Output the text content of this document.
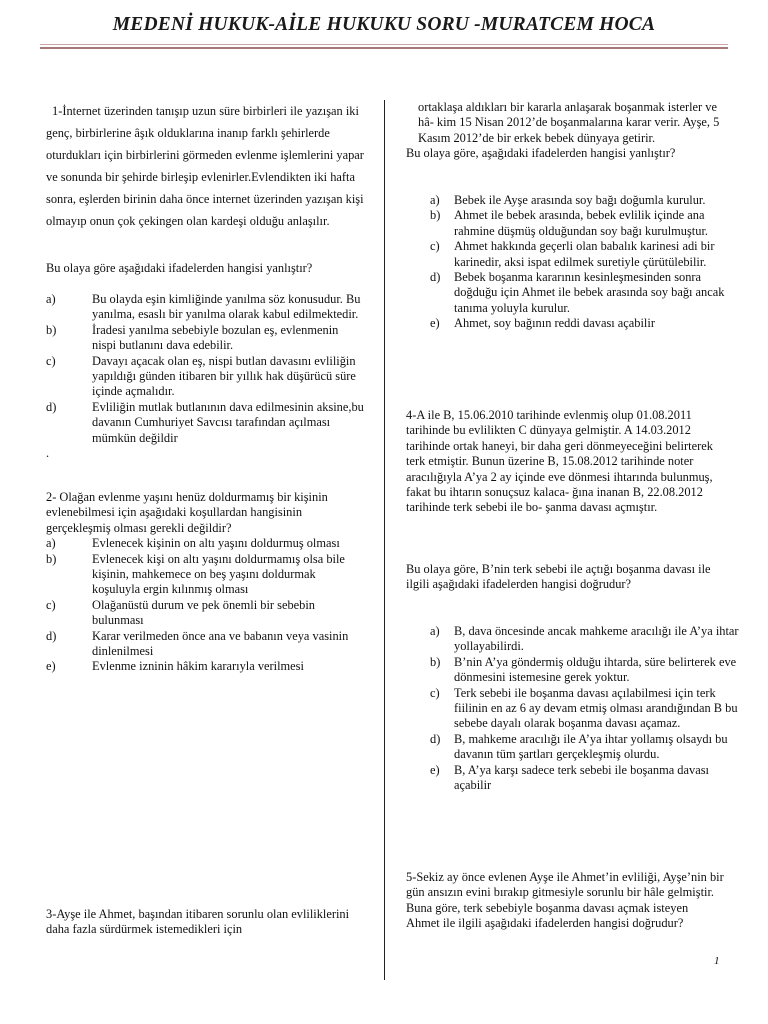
MEDENİ HUKUK-AİLE HUKUKU SORU -MURATCEM HOCA

1-İnternet üzerinden tanışıp uzun süre birbirleri ile yazışan iki genç, birbirlerine âşık olduklarına inanıp farklı şehirlerde oturdukları için birbirlerini görmeden evlenme işlemlerini yapar ve sonunda bir şehirde birleşip evlenirler.Evlendikten iki hafta sonra, eşlerden birinin daha önce internet üzerinden yazışan kişi olmayıp onun çok çekingen olan kardeşi olduğu anlaşılır.

Bu olaya göre aşağıdaki ifadelerden hangisi yanlıştır?

a)	Bu olayda eşin kimliğinde yanılma söz konusudur. Bu yanılma, esaslı bir yanılma olarak kabul edilmektedir.
b)	İradesi yanılma sebebiyle bozulan eş, evlenmenin nispi butlanını dava edebilir.
c)	Davayı açacak olan eş, nispi butlan davasını evliliğin yapıldığı günden itibaren bir yıllık hak düşürücü süre içinde açmalıdır.
d)	Evliliğin mutlak butlanının dava edilmesinin aksine,bu davanın Cumhuriyet Savcısı tarafından açılması mümkün değildir

.

2- Olağan evlenme yaşını henüz doldurmamış bir kişinin evlenebilmesi için aşağıdaki koşullardan hangisinin gerçekleşmiş olması gerekli değildir?

a)	Evlenecek kişinin on altı yaşını doldurmuş olması
b)	Evlenecek kişi on altı yaşını doldurmamış olsa bile kişinin, mahkemece on beş yaşını doldurmak koşuluyla ergin kılınmış olması
c)	Olağanüstü durum ve pek önemli bir sebebin bulunması
d)	Karar verilmeden önce ana ve babanın veya vasinin dinlenilmesi
e)	Evlenme izninin hâkim kararıyla verilmesi

3-Ayşe ile Ahmet, başından itibaren sorunlu olan evliliklerini daha fazla sürdürmek istemedikleri için

ortaklaşa aldıkları bir kararla anlaşarak boşanmak isterler ve hâ- kim 15 Nisan 2012’de boşanmalarına karar verir. Ayşe, 5 Kasım 2012’de bir erkek bebek dünyaya getirir.

Bu olaya göre, aşağıdaki ifadelerden hangisi yanlıştır?

a)	Bebek ile Ayşe arasında soy bağı doğumla kurulur.
b)	Ahmet ile bebek arasında, bebek evlilik içinde ana rahmine düşmüş olduğundan soy bağı kurulmuştur.
c)	Ahmet hakkında geçerli olan babalık karinesi adi bir karinedir, aksi ispat edilmek suretiyle çürütülebilir.
d)	Bebek boşanma kararının kesinleşmesinden sonra doğduğu için Ahmet ile bebek arasında soy bağı ancak tanıma yoluyla kurulur.
e)	Ahmet, soy bağının reddi davası açabilir

4-A ile B, 15.06.2010 tarihinde evlenmiş olup 01.08.2011 tarihinde bu evlilikten C dünyaya gelmiştir. A 14.03.2012 tarihinde ortak haneyi, bir daha geri dönmeyeceğini belirterek terk etmiştir. Bunun üzerine B, 15.08.2012 tarihinde noter aracılığıyla A’ya 2 ay içinde eve dönmesi ihtarında bulunmuş, fakat bu ihtarın sonuçsuz kalaca- ğına inanan B, 22.08.2012 tarihinde terk sebebi ile bo- şanma davası açmıştır.

Bu olaya göre, B’nin terk sebebi ile açtığı boşanma davası ile ilgili aşağıdaki ifadelerden hangisi doğrudur?

a)	B, dava öncesinde ancak mahkeme aracılığı ile A’ya ihtar yollayabilirdi.
b)	B’nin A’ya göndermiş olduğu ihtarda, süre belirterek eve dönmesini istemesine gerek yoktur.
c)	Terk sebebi ile boşanma davası açılabilmesi için terk fiilinin en az 6 ay devam etmiş olması arandığından B bu sebebe dayalı olarak boşanma davası açamaz.
d)	B, mahkeme aracılığı ile A’ya ihtar yollamış olsaydı bu davanın tüm şartları gerçekleşmiş olurdu.
e)	B, A’ya karşı sadece terk sebebi ile boşanma davası açabilir

5-Sekiz ay önce evlenen Ayşe ile Ahmet’in evliliği, Ayşe’nin bir gün ansızın evini bırakıp gitmesiyle sorunlu bir hâle gelmiştir. Buna göre, terk sebebiyle boşanma davası açmak isteyen Ahmet ile ilgili aşağıdaki ifadelerden hangisi doğrudur?

1
